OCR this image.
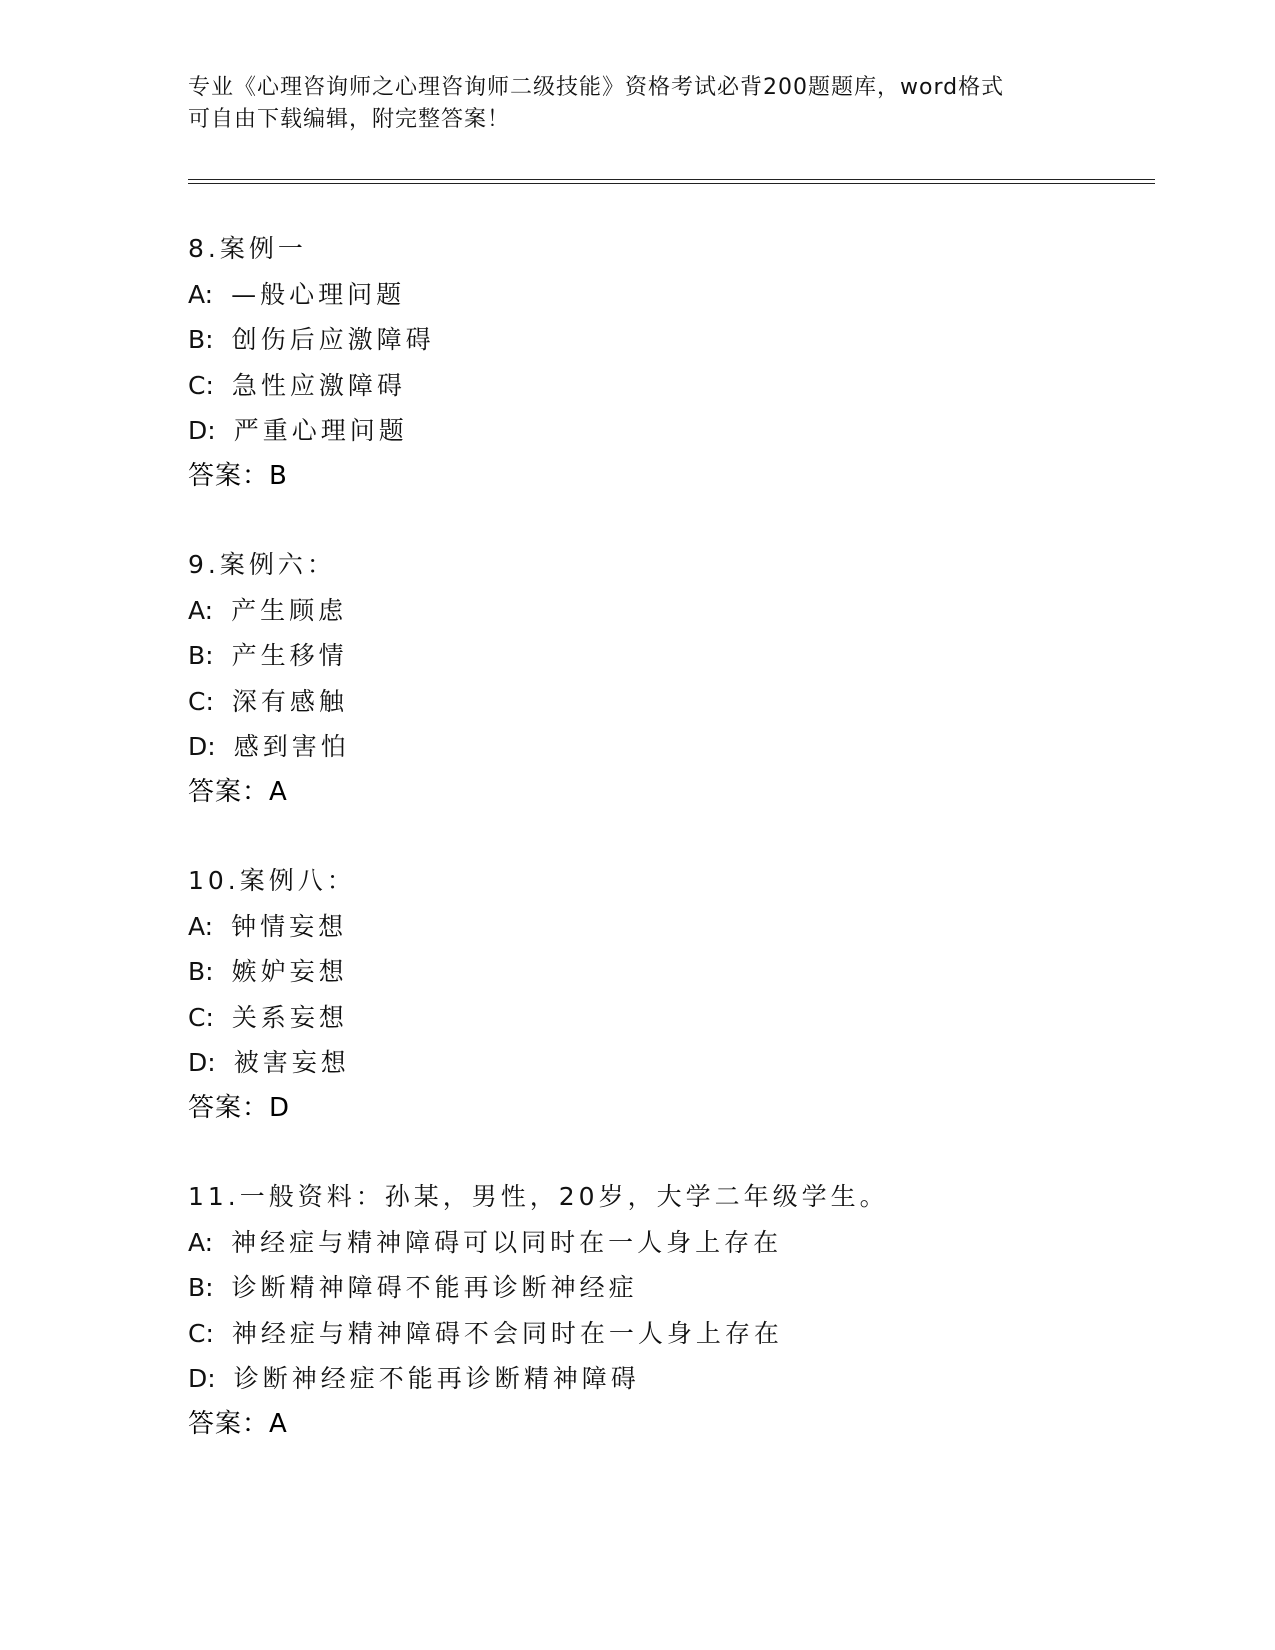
专业《心理咨询师之心理咨询师二级技能》资格考试必背200题题库，word格式
可自由下载编辑，附完整答案！
8.案例一
A: —般心理问题
B: 创伤后应激障碍
C: 急性应激障碍
D: 严重心理问题
答案：B
9.案例六：
A: 产生顾虑
B: 产生移情
C: 深有感触
D: 感到害怕
答案：A
10.案例八：
A: 钟情妄想
B: 嫉妒妄想
C: 关系妄想
D: 被害妄想
答案：D
11.一般资料：孙某，男性，20岁，大学二年级学生。
A: 神经症与精神障碍可以同时在一人身上存在
B: 诊断精神障碍不能再诊断神经症
C: 神经症与精神障碍不会同时在一人身上存在
D: 诊断神经症不能再诊断精神障碍
答案：A
